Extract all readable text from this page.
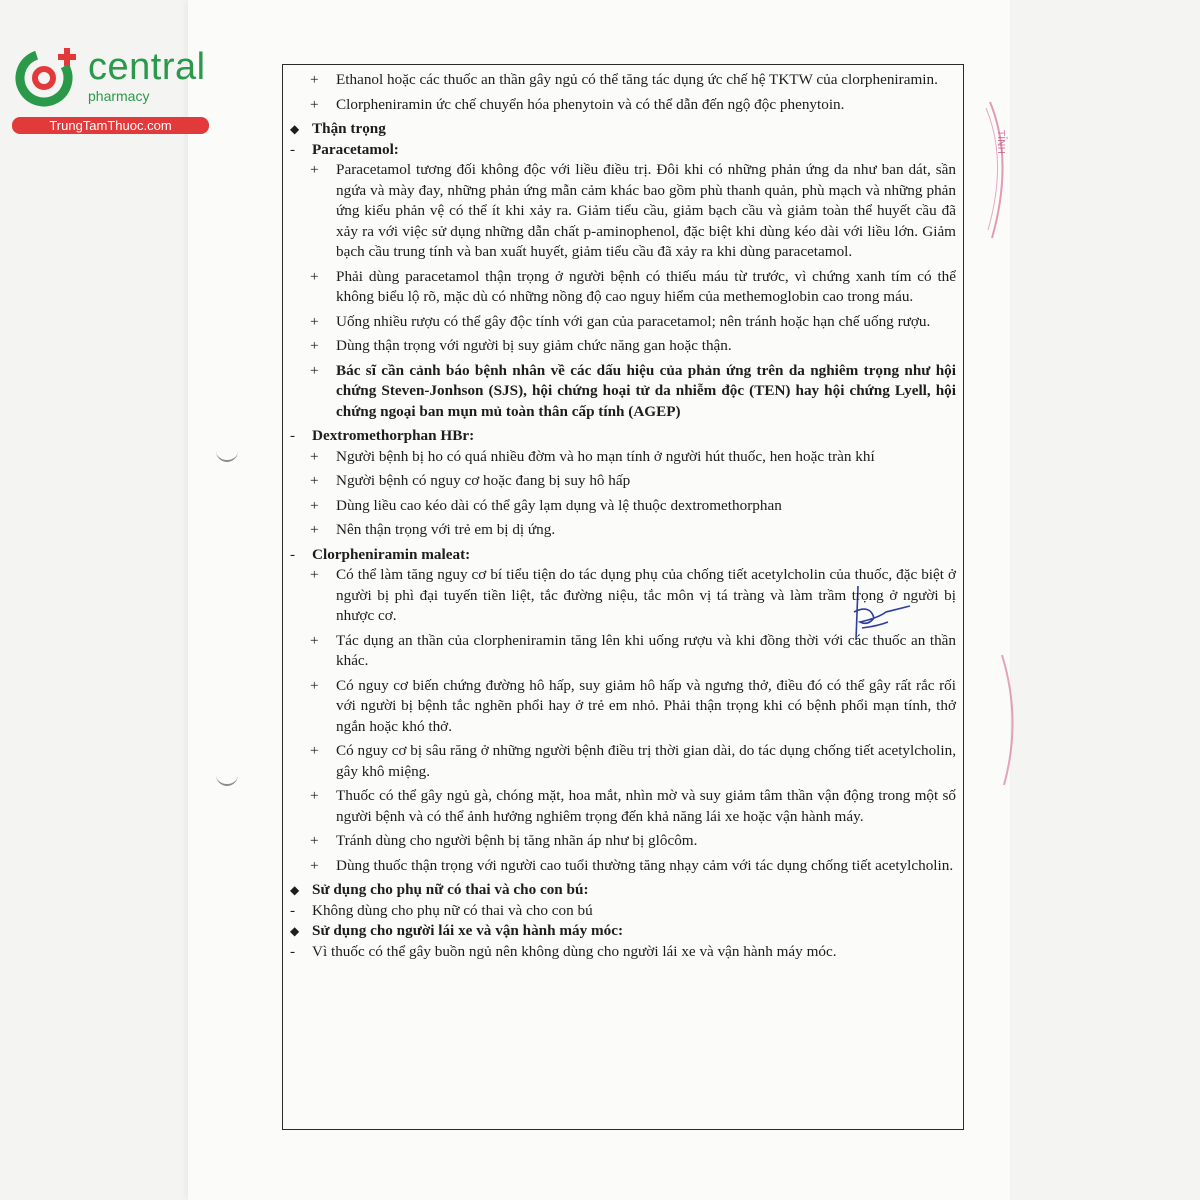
central
pharmacy
TrungTamThuoc.com
TỈNH
+	Ethanol hoặc các thuốc an thần gây ngủ có thể tăng tác dụng ức chế hệ TKTW của clorpheniramin.
+	Clorpheniramin ức chế chuyển hóa phenytoin và có thể dẫn đến ngộ độc phenytoin.
◆ Thận trọng
-	Paracetamol:
+	Paracetamol tương đối không độc với liều điều trị. Đôi khi có những phản ứng da như ban dát, sần ngứa và mày đay, những phản ứng mẫn cảm khác bao gồm phù thanh quản, phù mạch và những phản ứng kiểu phản vệ có thể ít khi xảy ra. Giảm tiểu cầu, giảm bạch cầu và giảm toàn thể huyết cầu đã xảy ra với việc sử dụng những dẫn chất p-aminophenol, đặc biệt khi dùng kéo dài với liều lớn. Giảm bạch cầu trung tính và ban xuất huyết, giảm tiểu cầu đã xảy ra khi dùng paracetamol.
+	Phải dùng paracetamol thận trọng ở người bệnh có thiếu máu từ trước, vì chứng xanh tím có thể không biểu lộ rõ, mặc dù có những nồng độ cao nguy hiểm của methemoglobin cao trong máu.
+	Uống nhiều rượu có thể gây độc tính với gan của paracetamol; nên tránh hoặc hạn chế uống rượu.
+	Dùng thận trọng với người bị suy giảm chức năng gan hoặc thận.
+	Bác sĩ cần cảnh báo bệnh nhân về các dấu hiệu của phản ứng trên da nghiêm trọng như hội chứng Steven-Jonhson (SJS), hội chứng hoại tử da nhiễm độc (TEN) hay hội chứng Lyell, hội chứng ngoại ban mụn mủ toàn thân cấp tính (AGEP)
-	Dextromethorphan HBr:
+	Người bệnh bị ho có quá nhiều đờm và ho mạn tính ở người hút thuốc, hen hoặc tràn khí
+	Người bệnh có nguy cơ hoặc đang bị suy hô hấp
+	Dùng liều cao kéo dài có thể gây lạm dụng và lệ thuộc dextromethorphan
+	Nên thận trọng với trẻ em bị dị ứng.
-	Clorpheniramin maleat:
+	Có thể làm tăng nguy cơ bí tiểu tiện do tác dụng phụ của chống tiết acetylcholin của thuốc, đặc biệt ở người bị phì đại tuyến tiền liệt, tắc đường niệu, tắc môn vị tá tràng và làm trầm trọng ở người bị nhược cơ.
+	Tác dụng an thần của clorpheniramin tăng lên khi uống rượu và khi đồng thời với các thuốc an thần khác.
+	Có nguy cơ biến chứng đường hô hấp, suy giảm hô hấp và ngưng thở, điều đó có thể gây rất rắc rối với người bị bệnh tắc nghẽn phổi hay ở trẻ em nhỏ. Phải thận trọng khi có bệnh phổi mạn tính, thở ngắn hoặc khó thở.
+	Có nguy cơ bị sâu răng ở những người bệnh điều trị thời gian dài, do tác dụng chống tiết acetylcholin, gây khô miệng.
+	Thuốc có thể gây ngủ gà, chóng mặt, hoa mắt, nhìn mờ và suy giảm tâm thần vận động trong một số người bệnh và có thể ảnh hưởng nghiêm trọng đến khả năng lái xe hoặc vận hành máy.
+	Tránh dùng cho người bệnh bị tăng nhãn áp như bị glôcôm.
+	Dùng thuốc thận trọng với người cao tuổi thường tăng nhạy cảm với tác dụng chống tiết acetylcholin.
◆ Sử dụng cho phụ nữ có thai và cho con bú:
-	Không dùng cho phụ nữ có thai và cho con bú
◆ Sử dụng cho người lái xe và vận hành máy móc:
-	Vì thuốc có thể gây buồn ngủ nên không dùng cho người lái xe và vận hành máy móc.
